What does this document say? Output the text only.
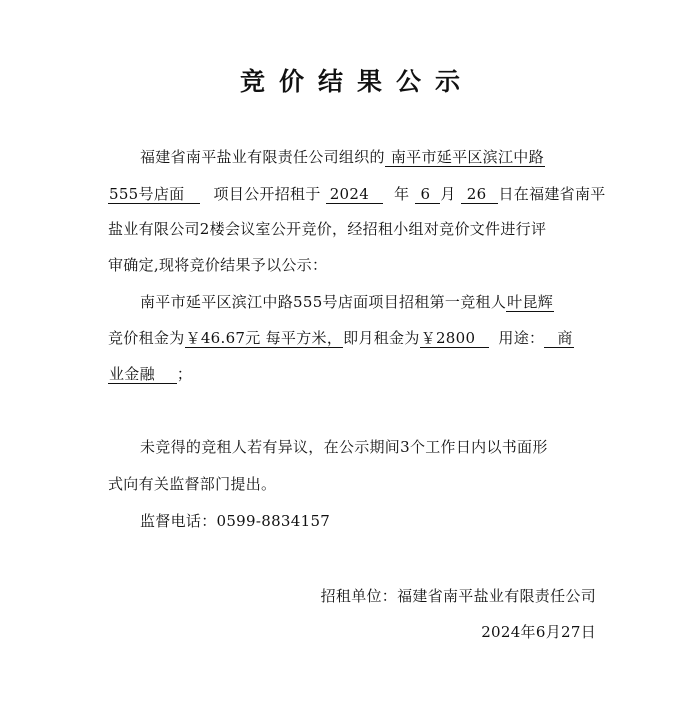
竞价结果公示
福建省南平盐业有限责任公司组织的 南平市延平区滨江中路
555号店面 项目公开招租于 2024 年 6 月 26 日在福建省南平
盐业有限公司2楼会议室公开竞价，经招租小组对竞价文件进行评
审确定,现将竞价结果予以公示：
南平市延平区滨江中路555号店面项目招租第一竞租人叶昆辉
竞价租金为￥46.67元 每平方米，即月租金为￥2800 用途： 商
业金融 ；
未竞得的竞租人若有异议，在公示期间3个工作日内以书面形
式向有关监督部门提出。
监督电话：0599-8834157
招租单位：福建省南平盐业有限责任公司
2024年6月27日
